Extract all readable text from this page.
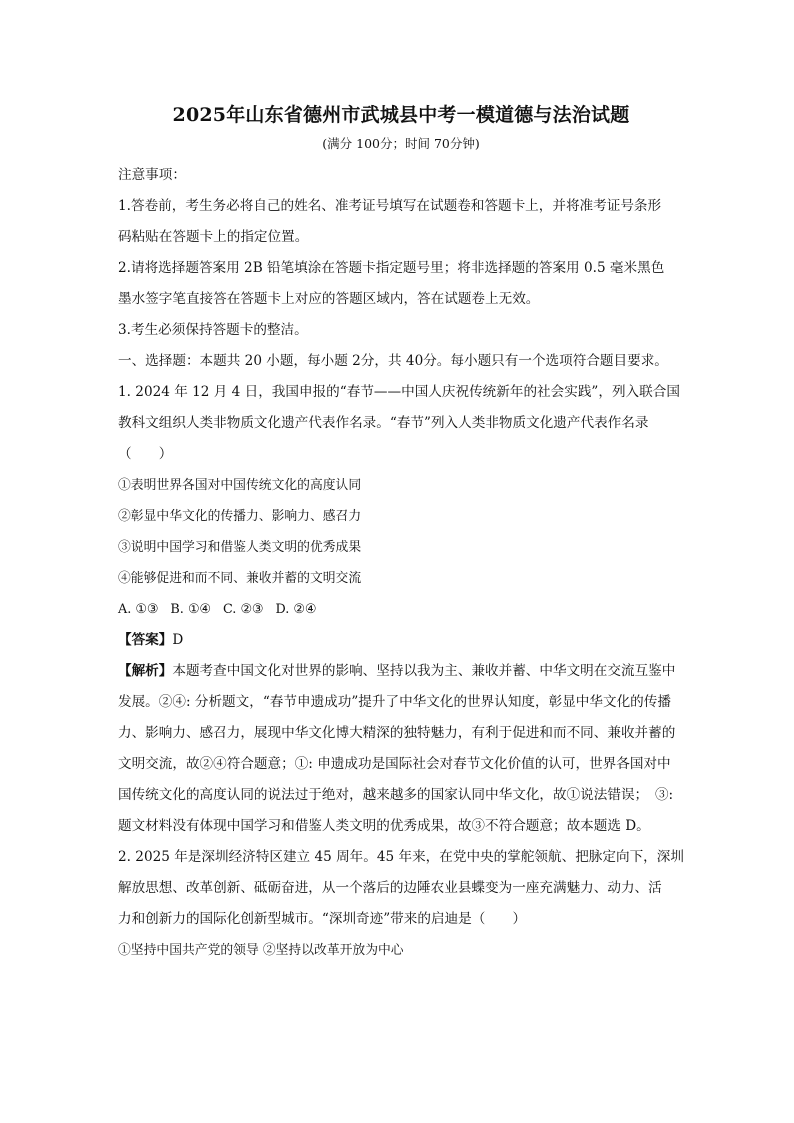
2025年山东省德州市武城县中考一模道德与法治试题
(满分 100分；时间 70分钟)
注意事项：
1.答卷前，考生务必将自己的姓名、准考证号填写在试题卷和答题卡上，并将准考证号条形
码粘贴在答题卡上的指定位置。
2.请将选择题答案用 2B 铅笔填涂在答题卡指定题号里；将非选择题的答案用 0.5 毫米黑色
墨水签字笔直接答在答题卡上对应的答题区域内，答在试题卷上无效。
3.考生必须保持答题卡的整洁。
一、选择题：本题共 20 小题，每小题 2分，共 40分。每小题只有一个选项符合题目要求。
1. 2024 年 12 月 4 日，我国申报的“春节——中国人庆祝传统新年的社会实践”，列入联合国
教科文组织人类非物质文化遗产代表作名录。“春节”列入人类非物质文化遗产代表作名录
（　　）
①表明世界各国对中国传统文化的高度认同
②彰显中华文化的传播力、影响力、感召力
③说明中国学习和借鉴人类文明的优秀成果
④能够促进和而不同、兼收并蓄的文明交流
A. ①③ B. ①④ C. ②③ D. ②④
【答案】D
【解析】本题考查中国文化对世界的影响、坚持以我为主、兼收并蓄、中华文明在交流互鉴中发展。②④: 分析题文，“春节申遗成功”提升了中华文化的世界认知度，彰显中华文化的传播力、影响力、感召力，展现中华文化博大精深的独特魅力，有利于促进和而不同、兼收并蓄的文明交流，故②④符合题意；①: 申遗成功是国际社会对春节文化价值的认可，世界各国对中国传统文化的高度认同的说法过于绝对，越来越多的国家认同中华文化，故①说法错误；　③: 题文材料没有体现中国学习和借鉴人类文明的优秀成果，故③不符合题意；故本题选 D。
2. 2025 年是深圳经济特区建立 45 周年。45 年来，在党中央的掌舵领航、把脉定向下，深圳
解放思想、改革创新、砥砺奋进，从一个落后的边陲农业县蝶变为一座充满魅力、动力、活
力和创新力的国际化创新型城市。“深圳奇迹”带来的启迪是（　　）
①坚持中国共产党的领导 ②坚持以改革开放为中心
